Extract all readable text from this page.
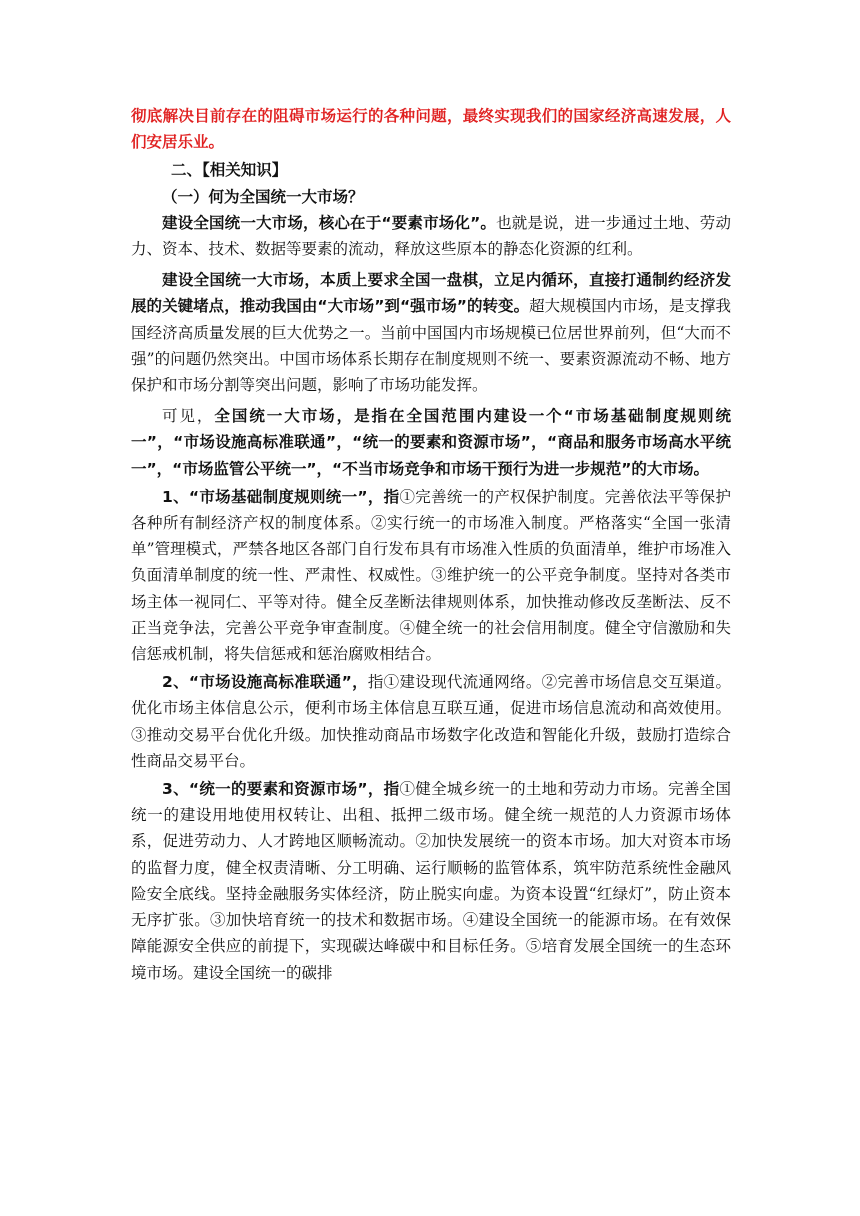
彻底解决目前存在的阻碍市场运行的各种问题，最终实现我们的国家经济高速发展，人们安居乐业。

二、【相关知识】

（一）何为全国统一大市场？

建设全国统一大市场，核心在于“要素市场化”。也就是说，进一步通过土地、劳动力、资本、技术、数据等要素的流动，释放这些原本的静态化资源的红利。

建设全国统一大市场，本质上要求全国一盘棋，立足内循环，直接打通制约经济发展的关键堵点，推动我国由“大市场”到“强市场”的转变。超大规模国内市场，是支撑我国经济高质量发展的巨大优势之一。当前中国国内市场规模已位居世界前列，但“大而不强”的问题仍然突出。中国市场体系长期存在制度规则不统一、要素资源流动不畅、地方保护和市场分割等突出问题，影响了市场功能发挥。

可见，全国统一大市场，是指在全国范围内建设一个“市场基础制度规则统一”，“市场设施高标准联通”，“统一的要素和资源市场”，“商品和服务市场高水平统一”，“市场监管公平统一”，“不当市场竞争和市场干预行为进一步规范”的大市场。

1、“市场基础制度规则统一”，指①完善统一的产权保护制度。完善依法平等保护各种所有制经济产权的制度体系。②实行统一的市场准入制度。严格落实“全国一张清单”管理模式，严禁各地区各部门自行发布具有市场准入性质的负面清单，维护市场准入负面清单制度的统一性、严肃性、权威性。③维护统一的公平竞争制度。坚持对各类市场主体一视同仁、平等对待。健全反垄断法律规则体系，加快推动修改反垄断法、反不正当竞争法，完善公平竞争审查制度。④健全统一的社会信用制度。健全守信激励和失信惩戒机制，将失信惩戒和惩治腐败相结合。

2、“市场设施高标准联通”，指①建设现代流通网络。②完善市场信息交互渠道。优化市场主体信息公示，便利市场主体信息互联互通，促进市场信息流动和高效使用。③推动交易平台优化升级。加快推动商品市场数字化改造和智能化升级，鼓励打造综合性商品交易平台。

3、“统一的要素和资源市场”，指①健全城乡统一的土地和劳动力市场。完善全国统一的建设用地使用权转让、出租、抵押二级市场。健全统一规范的人力资源市场体系，促进劳动力、人才跨地区顺畅流动。②加快发展统一的资本市场。加大对资本市场的监督力度，健全权责清晰、分工明确、运行顺畅的监管体系，筑牢防范系统性金融风险安全底线。坚持金融服务实体经济，防止脱实向虚。为资本设置“红绿灯”，防止资本无序扩张。③加快培育统一的技术和数据市场。④建设全国统一的能源市场。在有效保障能源安全供应的前提下，实现碳达峰碳中和目标任务。⑤培育发展全国统一的生态环境市场。建设全国统一的碳排
